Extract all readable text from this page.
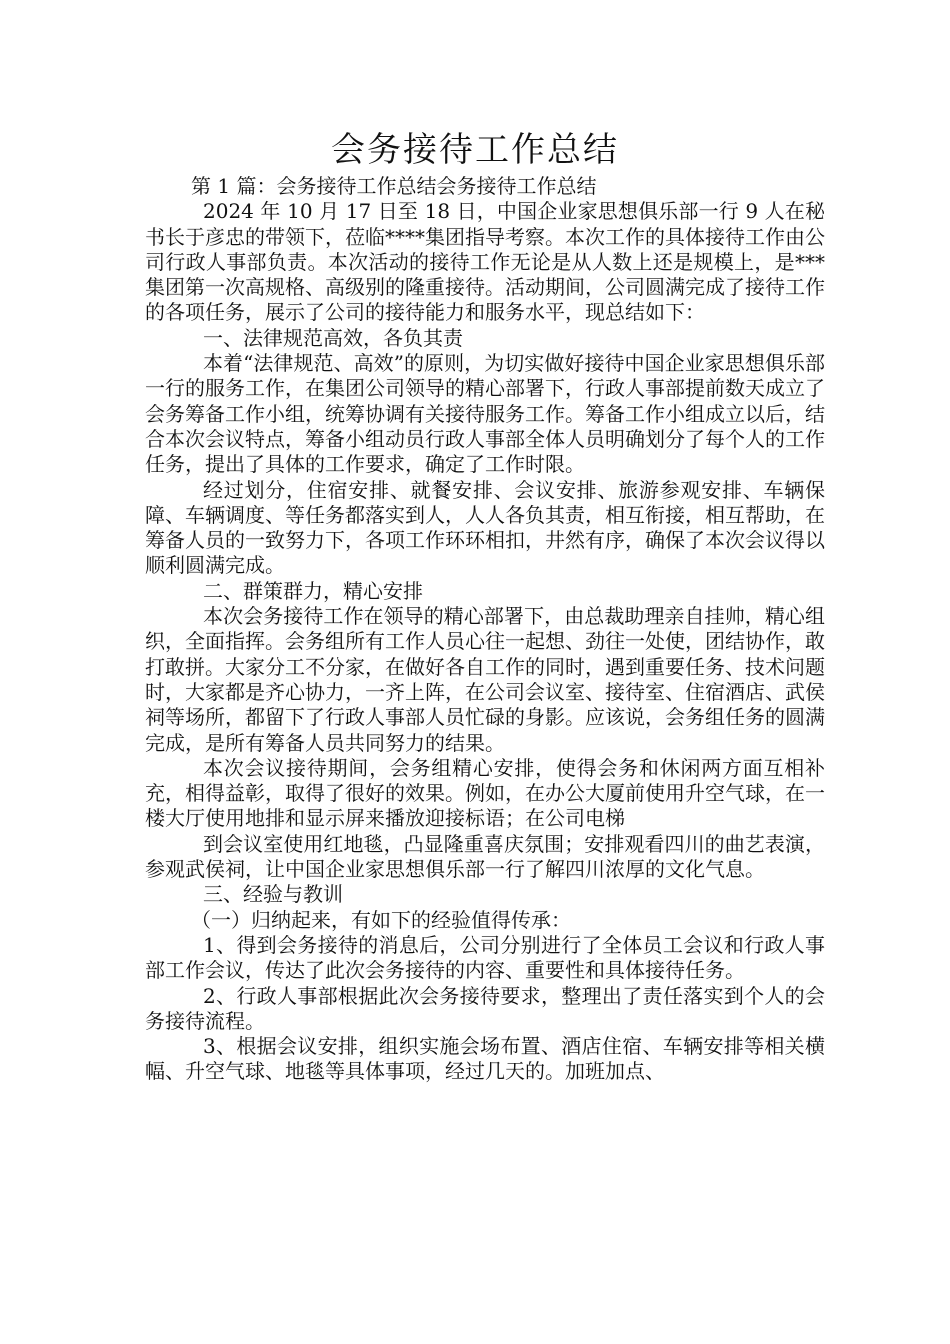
会务接待工作总结

第 1 篇：会务接待工作总结会务接待工作总结

2024 年 10 月 17 日至 18 日，中国企业家思想俱乐部一行 9 人在秘书长于彦忠的带领下，莅临****集团指导考察。本次工作的具体接待工作由公司行政人事部负责。本次活动的接待工作无论是从人数上还是规模上，是***集团第一次高规格、高级别的隆重接待。活动期间，公司圆满完成了接待工作的各项任务，展示了公司的接待能力和服务水平，现总结如下：

一、法律规范高效，各负其责

本着“法律规范、高效”的原则，为切实做好接待中国企业家思想俱乐部一行的服务工作，在集团公司领导的精心部署下，行政人事部提前数天成立了会务筹备工作小组，统筹协调有关接待服务工作。筹备工作小组成立以后，结合本次会议特点，筹备小组动员行政人事部全体人员明确划分了每个人的工作任务，提出了具体的工作要求，确定了工作时限。

经过划分，住宿安排、就餐安排、会议安排、旅游参观安排、车辆保障、车辆调度、等任务都落实到人，人人各负其责，相互衔接，相互帮助，在筹备人员的一致努力下，各项工作环环相扣，井然有序，确保了本次会议得以顺利圆满完成。

二、群策群力，精心安排

本次会务接待工作在领导的精心部署下，由总裁助理亲自挂帅，精心组织，全面指挥。会务组所有工作人员心往一起想、劲往一处使，团结协作，敢打敢拼。大家分工不分家，在做好各自工作的同时，遇到重要任务、技术问题时，大家都是齐心协力，一齐上阵，在公司会议室、接待室、住宿酒店、武侯祠等场所，都留下了行政人事部人员忙碌的身影。应该说，会务组任务的圆满完成，是所有筹备人员共同努力的结果。

本次会议接待期间，会务组精心安排，使得会务和休闲两方面互相补充，相得益彰，取得了很好的效果。例如，在办公大厦前使用升空气球，在一楼大厅使用地排和显示屏来播放迎接标语；在公司电梯

到会议室使用红地毯，凸显隆重喜庆氛围；安排观看四川的曲艺表演，参观武侯祠，让中国企业家思想俱乐部一行了解四川浓厚的文化气息。

三、经验与教训

（一）归纳起来，有如下的经验值得传承：

1、得到会务接待的消息后，公司分别进行了全体员工会议和行政人事部工作会议，传达了此次会务接待的内容、重要性和具体接待任务。

2、行政人事部根据此次会务接待要求，整理出了责任落实到个人的会务接待流程。

3、根据会议安排，组织实施会场布置、酒店住宿、车辆安排等相关横幅、升空气球、地毯等具体事项，经过几天的。加班加点、
